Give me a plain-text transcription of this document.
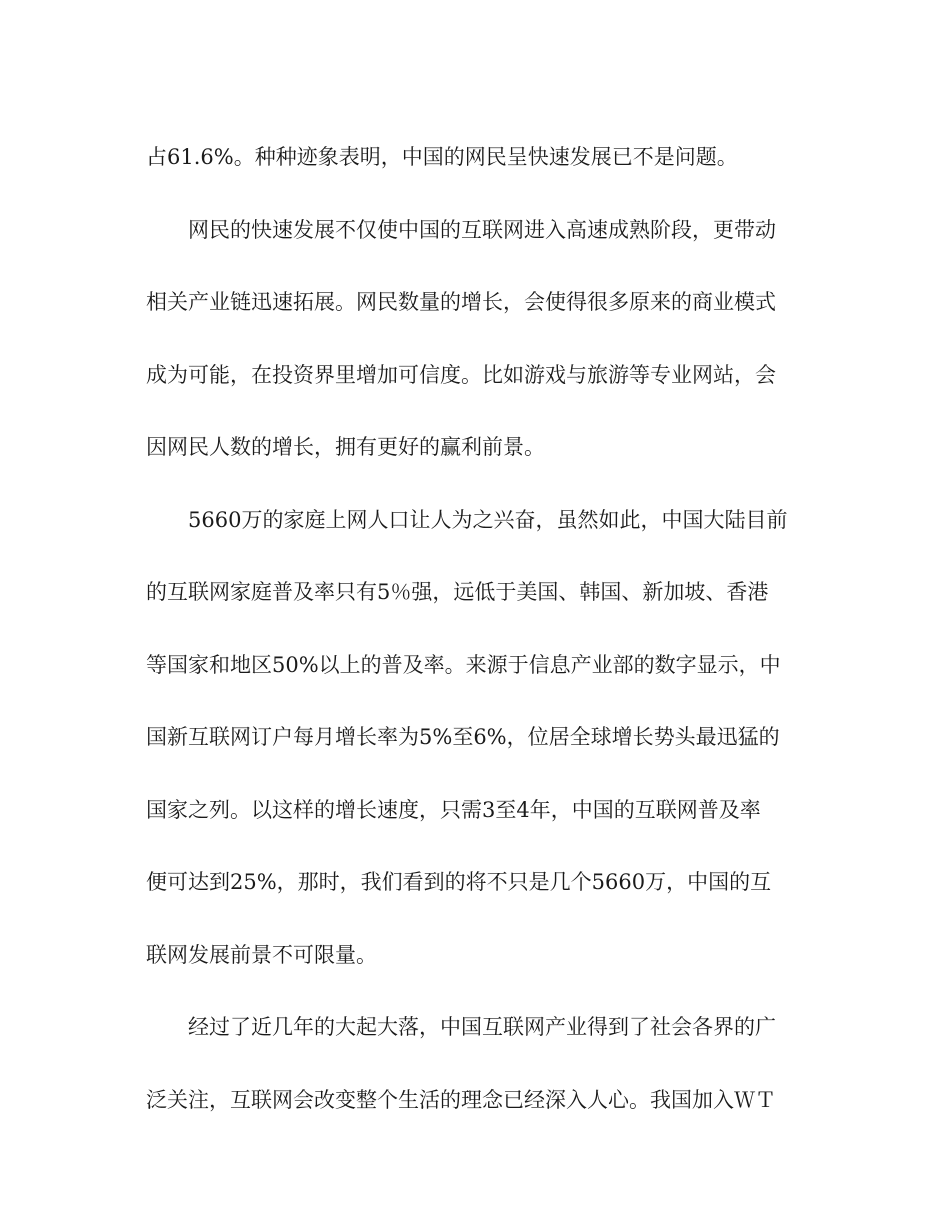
占61.6%。种种迹象表明，中国的网民呈快速发展已不是问题。
网民的快速发展不仅使中国的互联网进入高速成熟阶段，更带动
相关产业链迅速拓展。网民数量的增长，会使得很多原来的商业模式
成为可能，在投资界里增加可信度。比如游戏与旅游等专业网站，会
因网民人数的增长，拥有更好的赢利前景。
5660万的家庭上网人口让人为之兴奋，虽然如此，中国大陆目前
的互联网家庭普及率只有5％强，远低于美国、韩国、新加坡、香港
等国家和地区50%以上的普及率。来源于信息产业部的数字显示，中
国新互联网订户每月增长率为5%至6%，位居全球增长势头最迅猛的
国家之列。以这样的增长速度，只需3至4年，中国的互联网普及率
便可达到25%，那时，我们看到的将不只是几个5660万，中国的互
联网发展前景不可限量。
经过了近几年的大起大落，中国互联网产业得到了社会各界的广
泛关注，互联网会改变整个生活的理念已经深入人心。我国加入ＷＴ
